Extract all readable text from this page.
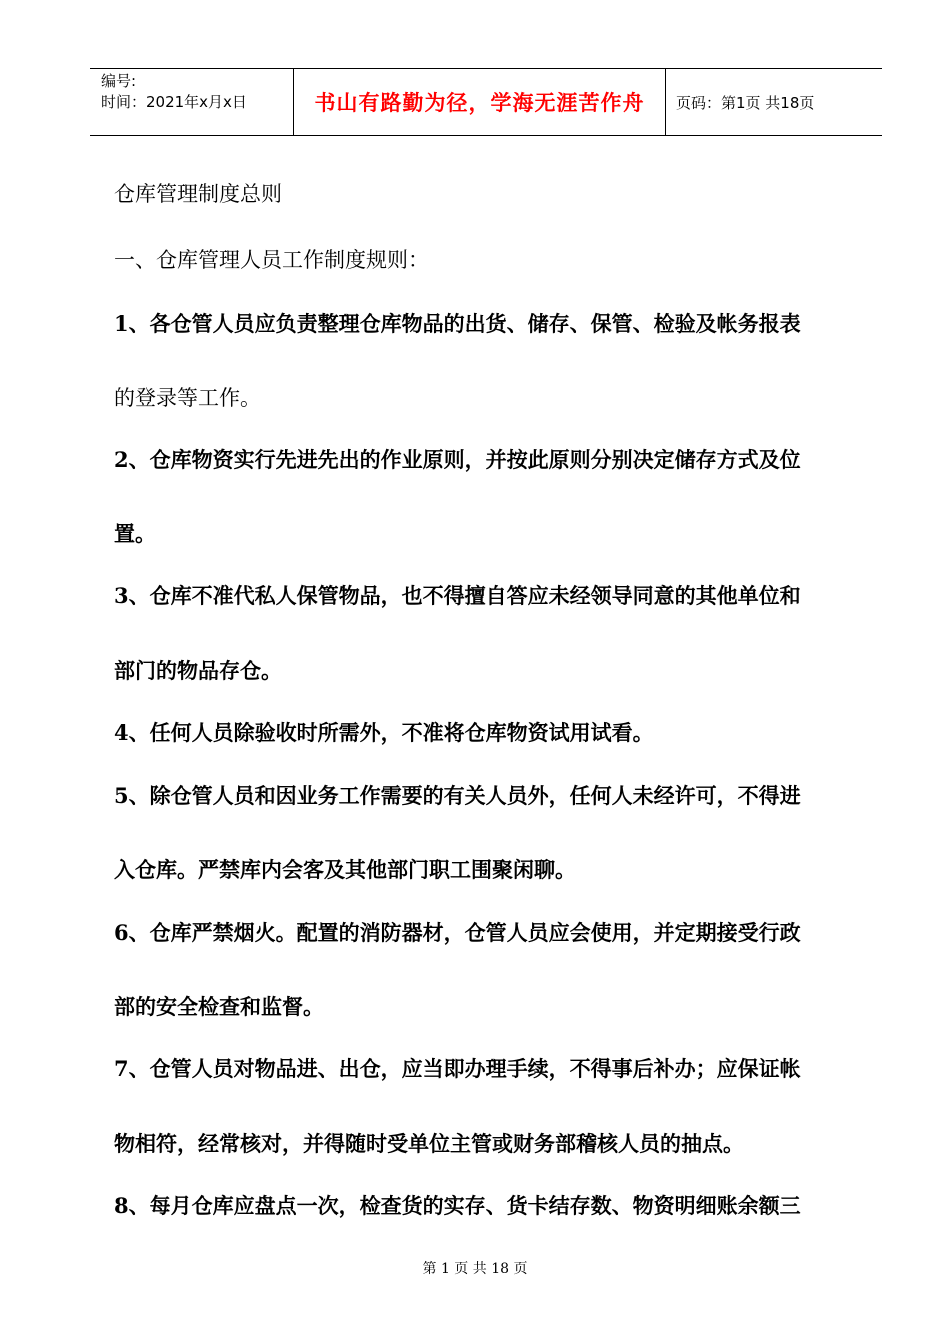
编号:
时间：2021年x月x日	书山有路勤为径，学海无涯苦作舟	页码：第1页 共18页

仓库管理制度总则

一、仓库管理人员工作制度规则：

1、各仓管人员应负责整理仓库物品的出货、储存、保管、检验及帐务报表

的登录等工作。

2、仓库物资实行先进先出的作业原则，并按此原则分别决定储存方式及位

置。

3、仓库不准代私人保管物品，也不得擅自答应未经领导同意的其他单位和

部门的物品存仓。

4、任何人员除验收时所需外，不准将仓库物资试用试看。

5、除仓管人员和因业务工作需要的有关人员外，任何人未经许可，不得进

入仓库。严禁库内会客及其他部门职工围聚闲聊。

6、仓库严禁烟火。配置的消防器材，仓管人员应会使用，并定期接受行政

部的安全检查和监督。

7、仓管人员对物品进、出仓，应当即办理手续，不得事后补办；应保证帐

物相符，经常核对，并得随时受单位主管或财务部稽核人员的抽点。

8、每月仓库应盘点一次，检查货的实存、货卡结存数、物资明细账余额三

第 1 页 共 18 页
